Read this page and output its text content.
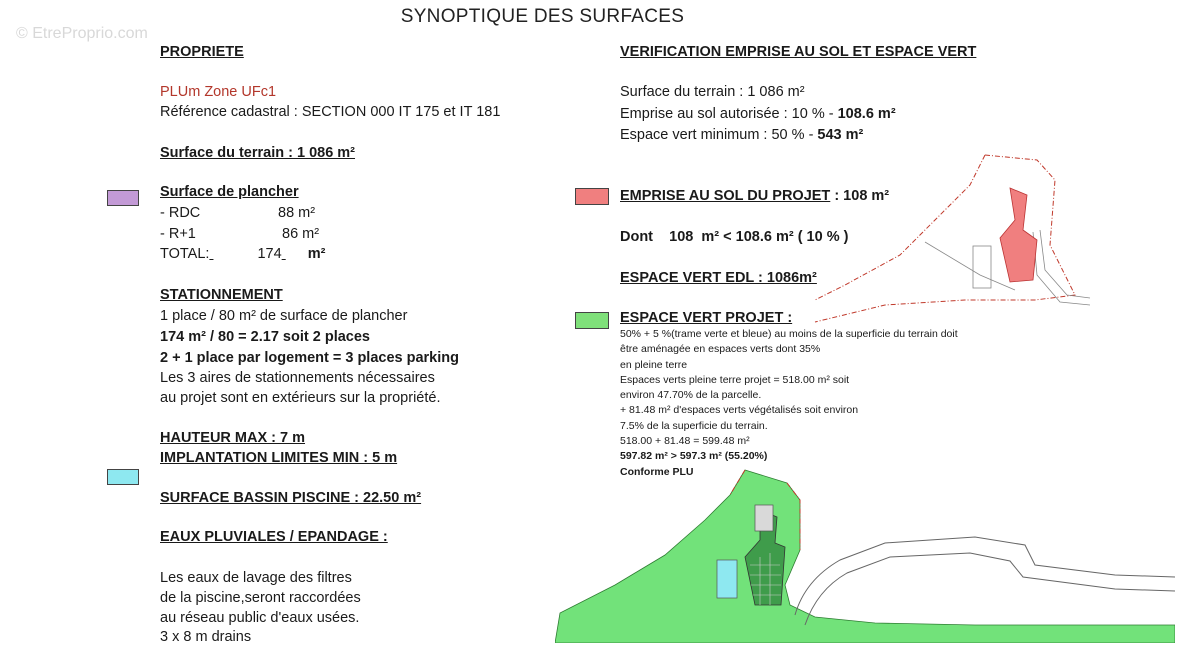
© EtreProprio.com
SYNOPTIQUE DES SURFACES
PROPRIETE
PLUm Zone UFc1
Référence cadastral : SECTION 000 IT 175 et IT 181
Surface du terrain : 1 086 m²
Surface de plancher
- RDC	88 m²
- R+1	86 m²
TOTAL:	174 m²
STATIONNEMENT
1 place / 80 m² de surface de plancher
174 m² / 80 = 2.17 soit 2 places
2 + 1 place par logement = 3 places parking
Les 3 aires de stationnements nécessaires
au projet sont en extérieurs sur la propriété.
HAUTEUR MAX : 7 m
IMPLANTATION LIMITES MIN : 5 m
SURFACE BASSIN PISCINE : 22.50 m²
EAUX PLUVIALES / EPANDAGE :
Les eaux de lavage des filtres
de la piscine,seront raccordées
au réseau public d'eaux usées.
3 x 8 m drains
VERIFICATION EMPRISE AU SOL ET ESPACE VERT
Surface du terrain : 1 086 m²
Emprise au sol autorisée : 10 % - 108.6 m²
Espace vert minimum : 50 % - 543 m²
EMPRISE AU SOL DU PROJET : 108 m²
Dont    108  m² < 108.6 m² ( 10 % )
ESPACE VERT EDL : 1086m²
ESPACE VERT PROJET :
50% + 5 %(trame verte et bleue) au moins de la superficie du terrain doit
être aménagée en espaces verts dont 35%
en pleine terre
Espaces verts pleine terre projet = 518.00 m² soit
environ 47.70% de la parcelle.
+ 81.48 m² d'espaces verts végétalisés soit environ
7.5% de la superficie du terrain.
518.00 + 81.48 = 599.48 m²
597.82 m² > 597.3 m² (55.20%)
Conforme PLU
